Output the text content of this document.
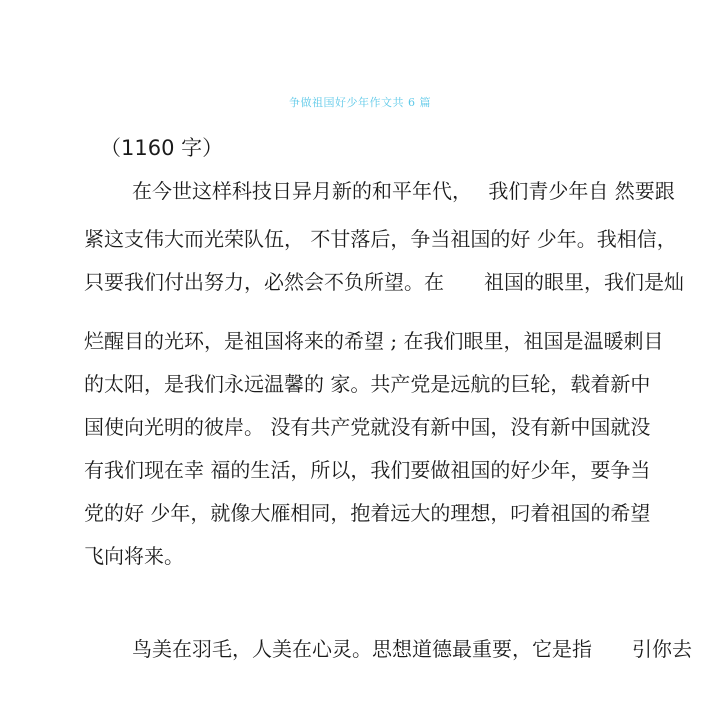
争做祖国好少年作文共 6 篇
（1160 字）
在今世这样科技日异月新的和平年代，　 我们青少年自 然要跟
紧这支伟大而光荣队伍， 不甘落后，争当祖国的好 少年。我相信，
只要我们付出努力，必然会不负所望。在　　祖国的眼里，我们是灿
烂醒目的光环，是祖国将来的希望 ; 在我们眼里，祖国是温暖刺目
的太阳，是我们永远温馨的 家。共产党是远航的巨轮，载着新中
国使向光明的彼岸。 没有共产党就没有新中国，没有新中国就没
有我们现在幸 福的生活，所以，我们要做祖国的好少年，要争当
党的好 少年，就像大雁相同，抱着远大的理想，叼着祖国的希望
飞向将来。
鸟美在羽毛，人美在心灵。思想道德最重要，它是指　　引你去
